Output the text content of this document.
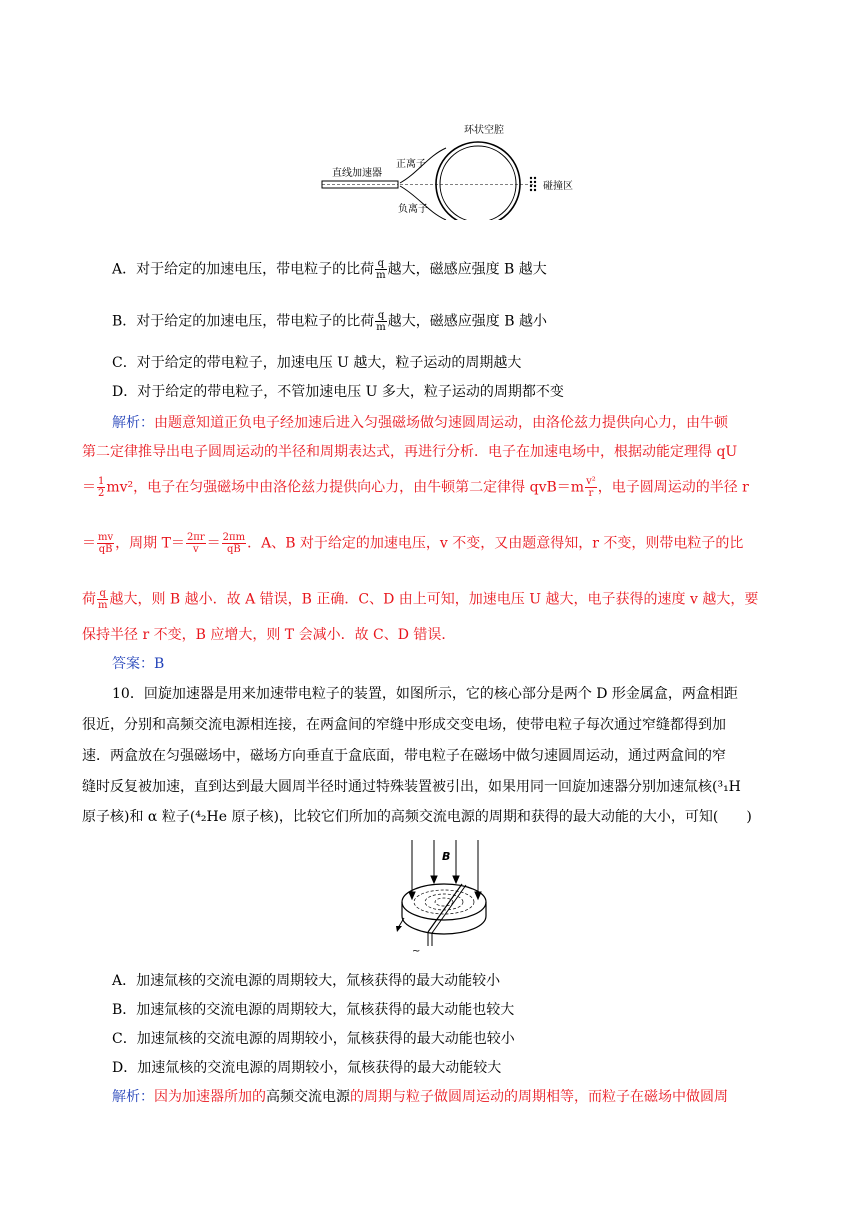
环状空腔
正离子
负离子
直线加速器
碰撞区
A．对于给定的加速电压，带电粒子的比荷 $\frac{q}{m}$ 越大，磁感应强度 B 越大
B．对于给定的加速电压，带电粒子的比荷 $\frac{q}{m}$ 越大，磁感应强度 B 越小
C．对于给定的带电粒子，加速电压 U 越大，粒子运动的周期越大
D．对于给定的带电粒子，不管加速电压 U 多大，粒子运动的周期都不变
解析：由题意知道正负电子经加速后进入匀强磁场做匀速圆周运动，由洛伦兹力提供向心力，由牛顿
第二定律推导出电子圆周运动的半径和周期表达式，再进行分析．电子在加速电场中，根据动能定理得 qU
＝ $\frac{1}{2} mv^2$，电子在匀强磁场中由洛伦兹力提供向心力，由牛顿第二定律得 $qvB=m \frac{\text{v²}}{r}$ ，电子圆周运动的半径 r
＝ $\frac{mv}{qB}$ ，周期 $T= \frac{2\pi r}{v} = \frac{2\pi m}{qB}$ ．A、B 对于给定的加速电压，v 不变，又由题意得知，r 不变，则带电粒子的比
荷 $\frac{q}{m}$ 越大，则 B 越小．故 A 错误，B 正确．C、D 由上可知，加速电压 U 越大，电子获得的速度 v 越大，要
保持半径 r 不变，B 应增大，则 T 会减小．故 C、D 错误．
答案：B
10．回旋加速器是用来加速带电粒子的装置，如图所示，它的核心部分是两个 D 形金属盒，两盒相距
很近，分别和高频交流电源相连接，在两盒间的窄缝中形成交变电场，使带电粒子每次通过窄缝都得到加
速．两盒放在匀强磁场中，磁场方向垂直于盒底面，带电粒子在磁场中做匀速圆周运动，通过两盒间的窄
缝时反复被加速，直到达到最大圆周半径时通过特殊装置被引出，如果用同一回旋加速器分别加速氚核(³₁H
原子核)和 α 粒子(⁴₂He 原子核)，比较它们所加的高频交流电源的周期和获得的最大动能的大小，可知(　　)
B
~
A．加速氚核的交流电源的周期较大，氚核获得的最大动能较小
B．加速氚核的交流电源的周期较大，氚核获得的最大动能也较大
C．加速氚核的交流电源的周期较小，氚核获得的最大动能也较小
D．加速氚核的交流电源的周期较小，氚核获得的最大动能较大
解析：因为加速器所加的高频交流电源的周期与粒子做圆周运动的周期相等，而粒子在磁场中做圆周
